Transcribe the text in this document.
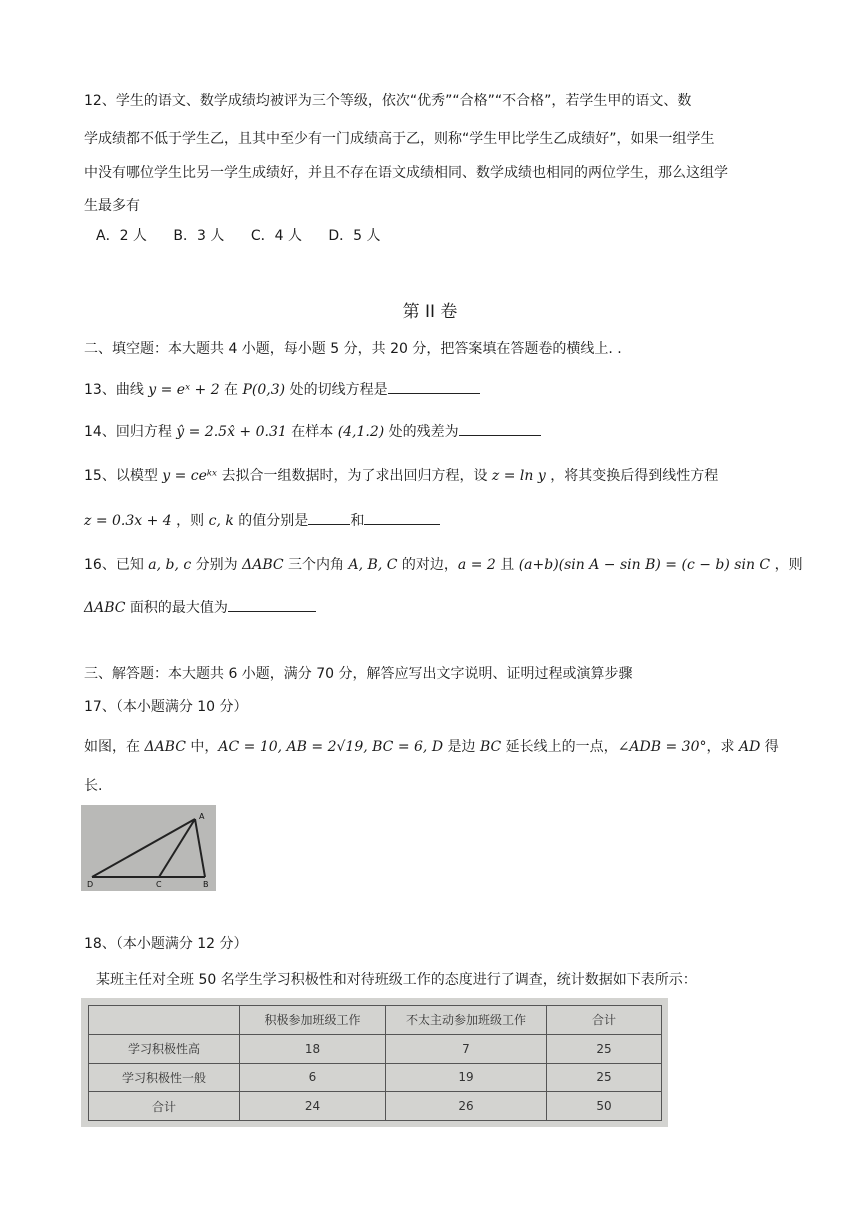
12、学生的语文、数学成绩均被评为三个等级，依次“优秀”“合格”“不合格”，若学生甲的语文、数
学成绩都不低于学生乙，且其中至少有一门成绩高于乙，则称“学生甲比学生乙成绩好”，如果一组学生
中没有哪位学生比另一学生成绩好，并且不存在语文成绩相同、数学成绩也相同的两位学生，那么这组学
生最多有
A．2 人 B．3 人 C．4 人 D．5 人
第 II 卷
二、填空题：本大题共 4 小题，每小题 5 分，共 20 分，把答案填在答题卷的横线上. .
13、曲线 y = eˣ + 2 在 P(0,3) 处的切线方程是
14、回归方程 ŷ = 2.5x̂ + 0.31 在样本 (4,1.2) 处的残差为
15、以模型 y = ceᵏˣ 去拟合一组数据时，为了求出回归方程，设 z = ln y ，将其变换后得到线性方程
z = 0.3x + 4 ，则 c, k 的值分别是	和
16、已知 a, b, c 分别为 ΔABC 三个内角 A, B, C 的对边，a = 2 且 (a+b)(sin A − sin B) = (c − b) sin C ，则
ΔABC 面积的最大值为
三、解答题：本大题共 6 小题，满分 70 分，解答应写出文字说明、证明过程或演算步骤
17、（本小题满分 10 分）
如图，在 ΔABC 中，AC = 10, AB = 2√19, BC = 6, D 是边 BC 延长线上的一点，∠ADB = 30°，求 AD 得
长.
A
B
C
D
18、（本小题满分 12 分）
某班主任对全班 50 名学生学习积极性和对待班级工作的态度进行了调查，统计数据如下表所示：
	积极参加班级工作	不太主动参加班级工作	合计
学习积极性高	18	7	25
学习积极性一般	6	19	25
合计	24	26	50
